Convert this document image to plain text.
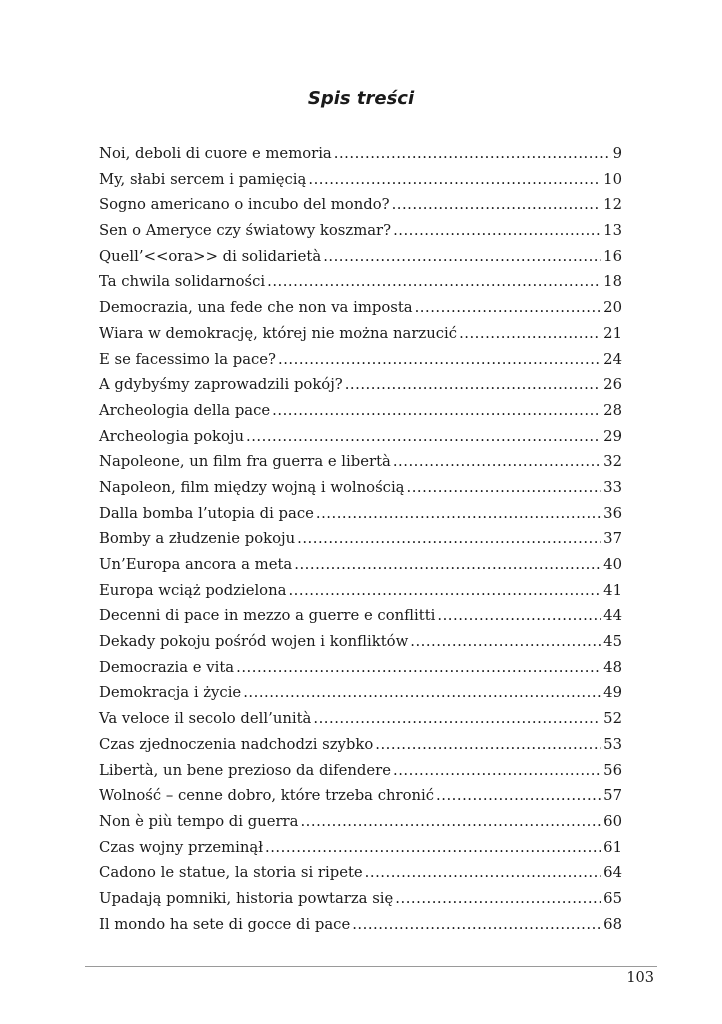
Spis treści
Noi, deboli di cuore e memoria .....	9
My, słabi sercem i pamięcią .....	10
Sogno americano o incubo del mondo? .....	12
Sen o Ameryce czy światowy koszmar? .....	13
Quell’<<ora>> di solidarietà .....	16
Ta chwila solidarności .....	18
Democrazia, una fede che non va imposta .....	20
Wiara w demokrację, której nie można narzucić .....	21
E se facessimo la pace? .....	24
A gdybyśmy zaprowadzili pokój? .....	26
Archeologia della pace .....	28
Archeologia pokoju .....	29
Napoleone, un film fra guerra e libertà .....	32
Napoleon, film między wojną i wolnością .....	33
Dalla bomba l’utopia di pace .....	36
Bomby a złudzenie pokoju .....	37
Un’Europa ancora a meta .....	40
Europa wciąż podzielona .....	41
Decenni di pace in mezzo a guerre e conflitti .....	44
Dekady pokoju pośród wojen i konfliktów .....	45
Democrazia e vita .....	48
Demokracja i życie .....	49
Va veloce il secolo dell’unità .....	52
Czas zjednoczenia nadchodzi szybko .....	53
Libertà, un bene prezioso da difendere .....	56
Wolność – cenne dobro, które trzeba chronić .....	57
Non è più tempo di guerra .....	60
Czas wojny przeminął .....	61
Cadono le statue, la storia si ripete .....	64
Upadają pomniki, historia powtarza się .....	65
Il mondo ha sete di gocce di pace .....	68
103
